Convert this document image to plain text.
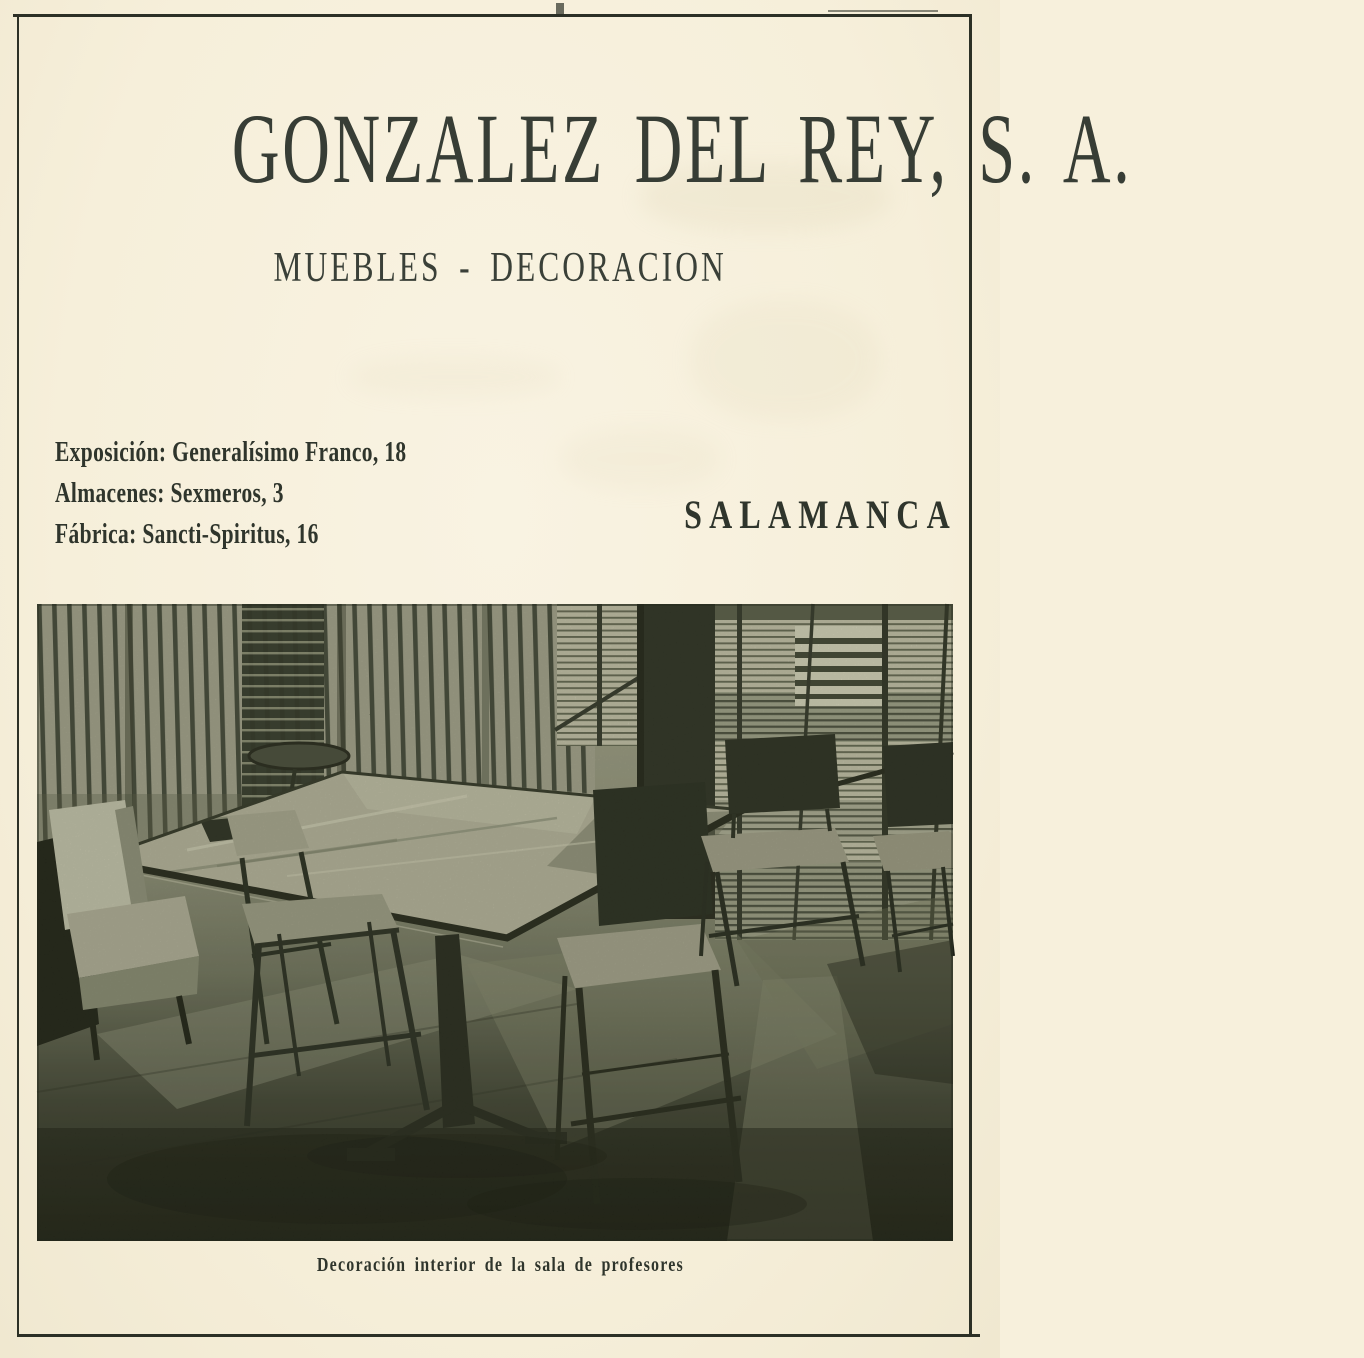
GONZALEZ DEL REY, S. A.
MUEBLES - DECORACION

Exposición: Generalísimo Franco, 18

Almacenes: Sexmeros, 3

Fábrica: Sancti-Spiritus, 16	SALAMANCA
Decoración interior de la sala de profesores
